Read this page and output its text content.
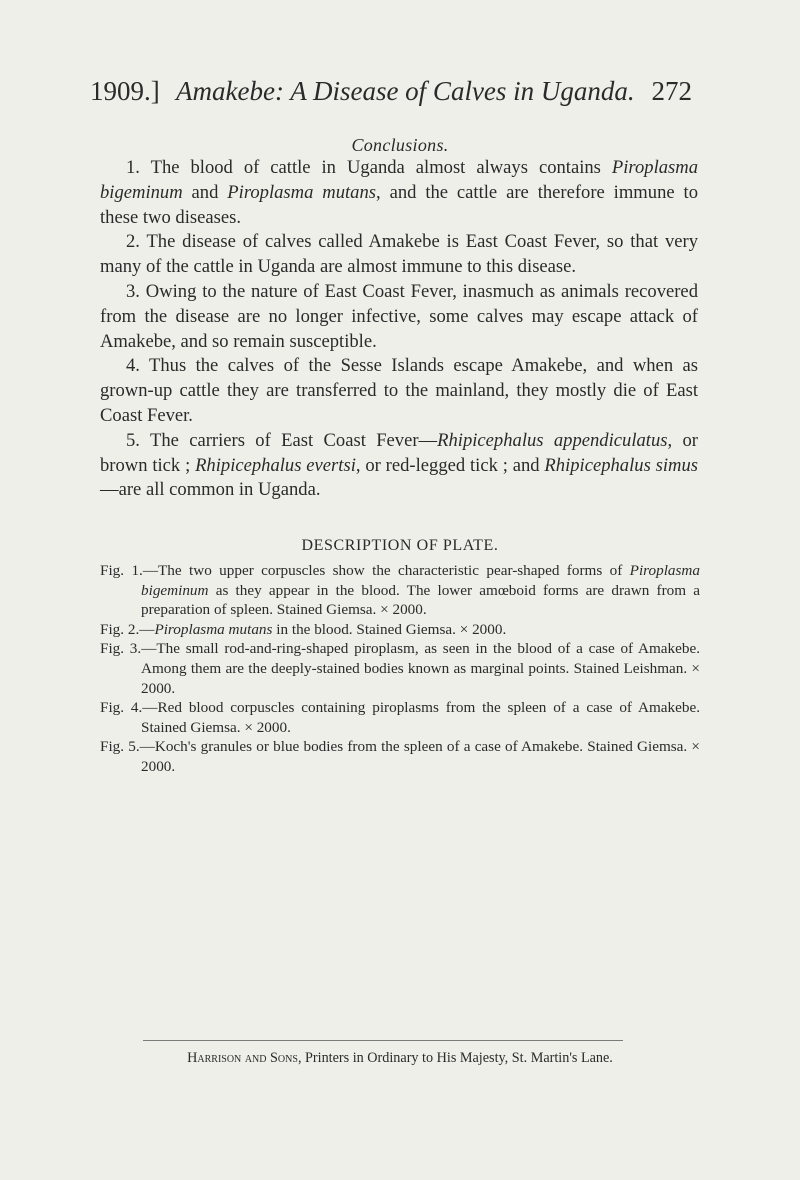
1909.] Amakebe: A Disease of Calves in Uganda. 272
Conclusions.

1. The blood of cattle in Uganda almost always contains Piroplasma bigeminum and Piroplasma mutans, and the cattle are therefore immune to these two diseases.

2. The disease of calves called Amakebe is East Coast Fever, so that very many of the cattle in Uganda are almost immune to this disease.

3. Owing to the nature of East Coast Fever, inasmuch as animals recovered from the disease are no longer infective, some calves may escape attack of Amakebe, and so remain susceptible.

4. Thus the calves of the Sesse Islands escape Amakebe, and when as grown-up cattle they are transferred to the mainland, they mostly die of East Coast Fever.

5. The carriers of East Coast Fever—Rhipicephalus appendiculatus, or brown tick ; Rhipicephalus evertsi, or red-legged tick ; and Rhipicephalus simus —are all common in Uganda.

DESCRIPTION OF PLATE.

Fig. 1.—The two upper corpuscles show the characteristic pear-shaped forms of Piroplasma bigeminum as they appear in the blood. The lower amœboid forms are drawn from a preparation of spleen. Stained Giemsa. × 2000.

Fig. 2.—Piroplasma mutans in the blood. Stained Giemsa. × 2000.

Fig. 3.—The small rod-and-ring-shaped piroplasm, as seen in the blood of a case of Amakebe. Among them are the deeply-stained bodies known as marginal points. Stained Leishman. × 2000.

Fig. 4.—Red blood corpuscles containing piroplasms from the spleen of a case of Amakebe. Stained Giemsa. × 2000.

Fig. 5.—Koch's granules or blue bodies from the spleen of a case of Amakebe. Stained Giemsa. × 2000.

Harrison and Sons, Printers in Ordinary to His Majesty, St. Martin's Lane.
